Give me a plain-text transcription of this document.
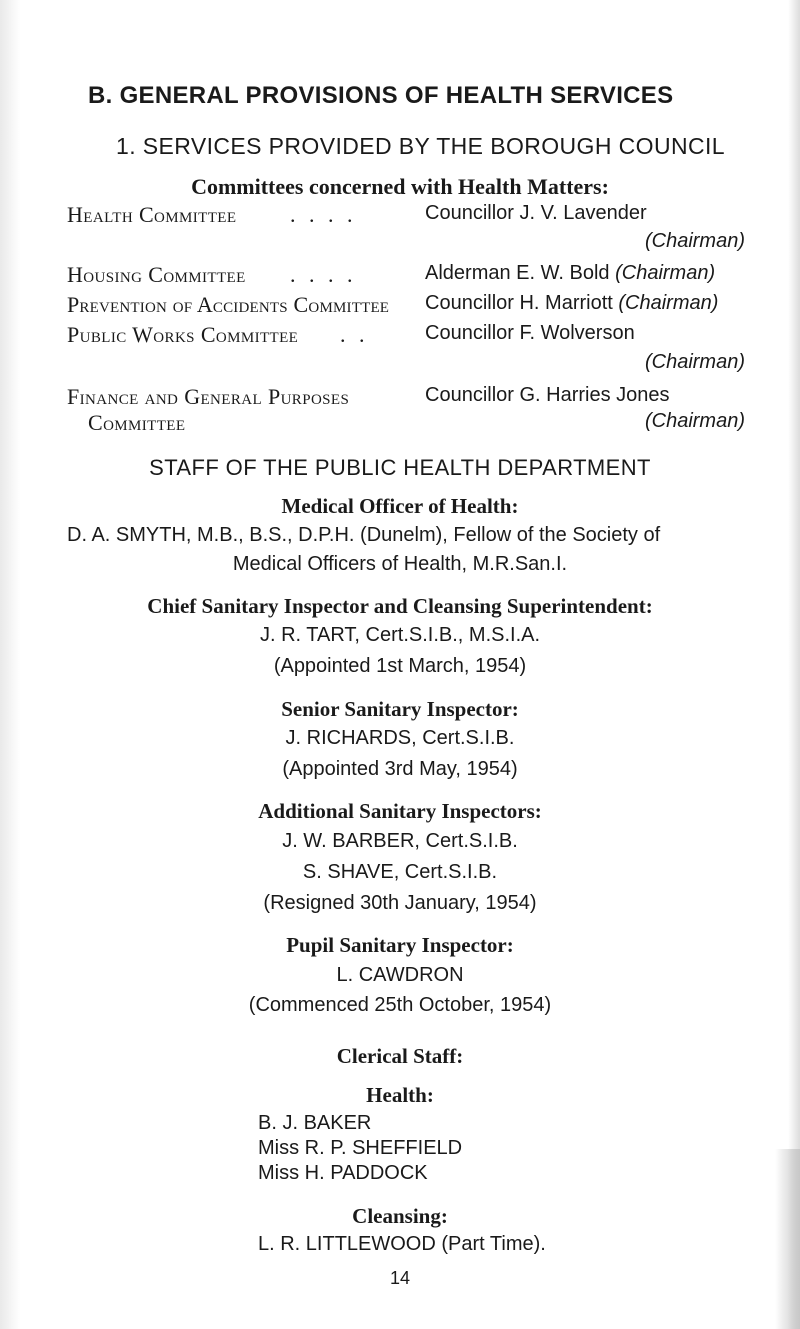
B. GENERAL PROVISIONS OF HEALTH SERVICES
1. SERVICES PROVIDED BY THE BOROUGH COUNCIL
Committees concerned with Health Matters:
Health Committee . . . .	Councillor J. V. Lavender
(Chairman)
Housing Committee . . . .	Alderman E. W. Bold (Chairman)
Prevention of Accidents Committee Councillor H. Marriott (Chairman)
Public Works Committee . .	Councillor F. Wolverson
(Chairman)
Finance and General Purposes
Committee
Councillor G. Harries Jones
(Chairman)
STAFF OF THE PUBLIC HEALTH DEPARTMENT
Medical Officer of Health:
D. A. SMYTH, M.B., B.S., D.P.H. (Dunelm), Fellow of the Society of
Medical Officers of Health, M.R.San.I.
Chief Sanitary Inspector and Cleansing Superintendent:
J. R. TART, Cert.S.I.B., M.S.I.A.
(Appointed 1st March, 1954)
Senior Sanitary Inspector:
J. RICHARDS, Cert.S.I.B.
(Appointed 3rd May, 1954)
Additional Sanitary Inspectors:
J. W. BARBER, Cert.S.I.B.
S. SHAVE, Cert.S.I.B.
(Resigned 30th January, 1954)
Pupil Sanitary Inspector:
L. CAWDRON
(Commenced 25th October, 1954)
Clerical Staff:
Health:
B. J. BAKER
Miss R. P. SHEFFIELD
Miss H. PADDOCK
Cleansing:
L. R. LITTLEWOOD (Part Time).
14
